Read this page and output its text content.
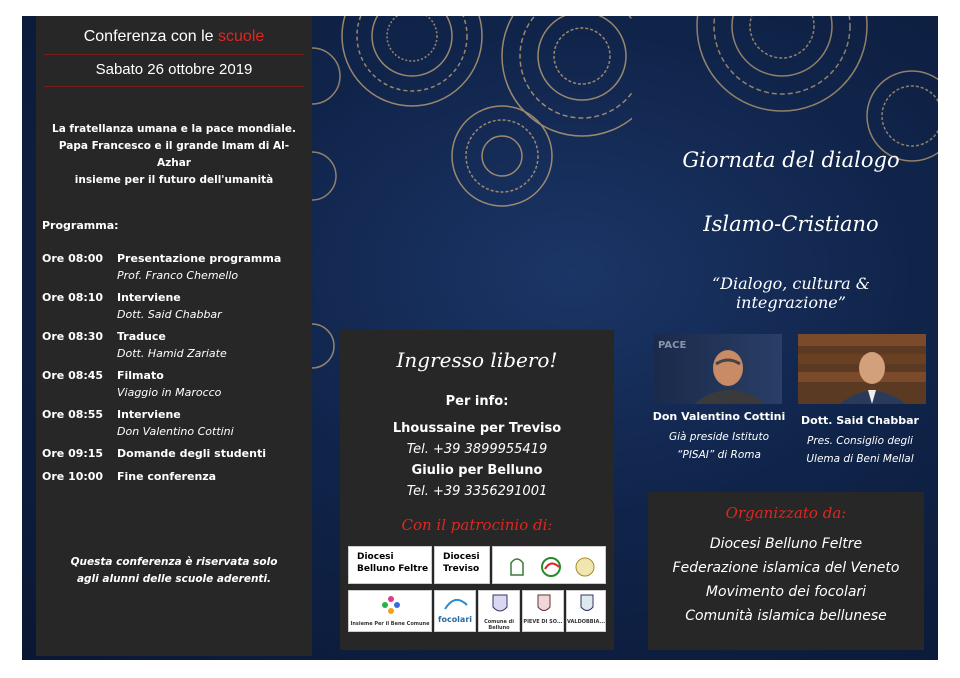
Conferenza con le scuole
Sabato 26 ottobre 2019
La fratellanza umana e la pace mondiale.
Papa Francesco e il grande Imam di Al-Azhar
insieme per il futuro dell'umanità
Programma:
Ore 08:00 Presentazione programma
Prof. Franco Chemello
Ore 08:10 Interviene
Dott. Said Chabbar
Ore 08:30 Traduce
Dott. Hamid Zariate
Ore 08:45 Filmato
Viaggio in Marocco
Ore 08:55 Interviene
Don Valentino Cottini
Ore 09:15 Domande degli studenti
Ore 10:00 Fine conferenza
Questa conferenza è riservata solo
agli alunni delle scuole aderenti.
Ingresso libero!
Per info:
Lhoussaine per Treviso
Tel. +39 3899955419
Giulio per Belluno
Tel. +39 3356291001
Con il patrocinio di:
Diocesi
Belluno Feltre
Diocesi
Treviso
Insieme Per il Bene Comune	focolari	Comune di Belluno
PIEVE DI SO... VALDOBBIA...
Giornata del dialogo
Islamo-Cristiano
“Dialogo, cultura & integrazione”
PACE
Don Valentino Cottini
Già preside Istituto
“PISAI” di Roma
Dott. Said Chabbar
Pres. Consiglio degli
Ulema di Beni Mellal
Organizzato da:
Diocesi Belluno Feltre
Federazione islamica del Veneto
Movimento dei focolari
Comunità islamica bellunese
